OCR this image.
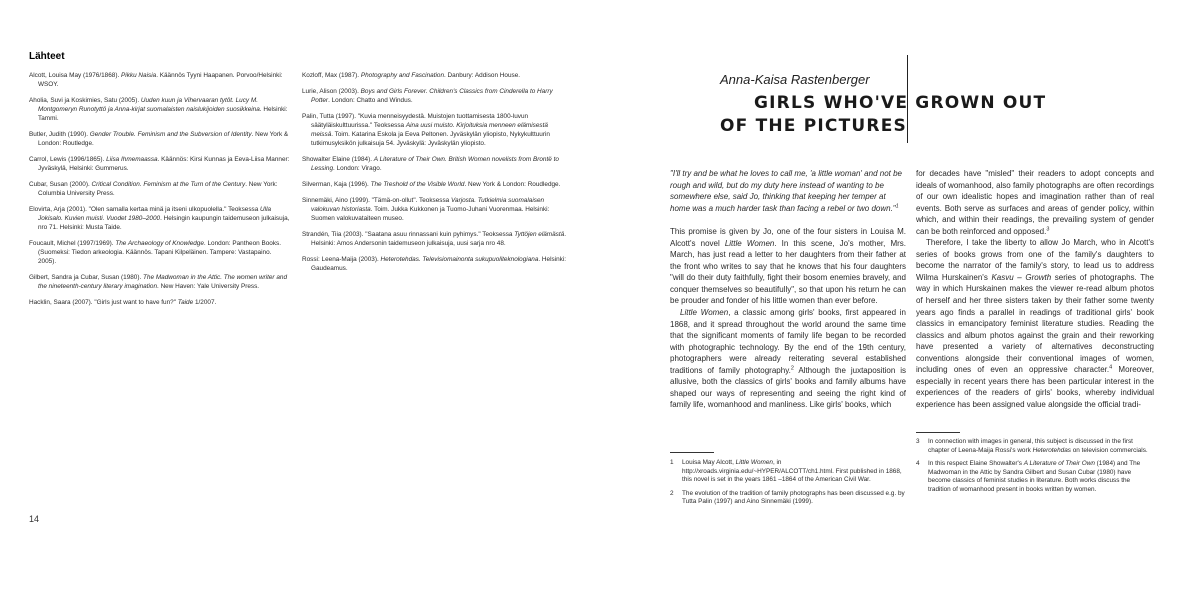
Lähteet

Alcott, Louisa May (1976/1868). Pikku Naisia. Käännös Tyyni Haapanen. Porvoo/Helsinki: WSOY.

Aholia, Suvi ja Koskimies, Satu (2005). Uuden kuun ja Vihervaaran tytöt. Lucy M. Montgomeryn Runotyttö ja Anna-kirjat suomalaisten naislukijoiden suosikkeina. Helsinki: Tammi.

Butler, Judith (1990). Gender Trouble. Feminism and the Subversion of Identity. New York & London: Routledge.

Carrol, Lewis (1996/1865). Liisa Ihmemaassa. Käännös: Kirsi Kunnas ja Eeva-Liisa Manner: Jyväskylä, Helsinki: Gummerus.

Cubar, Susan (2000). Critical Condition. Feminism at the Turn of the Century. New York: Columbia University Press.

Elovirta, Arja (2001). "Olen samalla kertaa minä ja itseni ulkopuolella." Teoksessa Ulla Jokisalo. Kuvien muisti. Vuodet 1980–2000. Helsingin kaupungin taidemuseon julkaisuja, nro 71. Helsinki: Musta Taide.

Foucault, Michel (1997/1969). The Archaeology of Knowledge. London: Pantheon Books. (Suomeksi: Tiedon arkeologia. Käännös. Tapani Kilpeläinen. Tampere: Vastapaino. 2005).

Gilbert, Sandra ja Cubar, Susan (1980). The Madwoman in the Attic. The women writer and the nineteenth-century literary imagination. New Haven: Yale University Press.

Hacklin, Saara (2007). "Girls just want to have fun?" Taide 1/2007.

Kozloff, Max (1987). Photography and Fascination. Danbury: Addison House.

Lurie, Alison (2003). Boys and Girls Forever. Children's Classics from Cinderella to Harry Potter. London: Chatto and Windus.

Palin, Tutta (1997). "Kuvia menneisyydestä. Muistojen tuottamisesta 1800-luvun säätyläiskulttuurissa." Teoksessa Aina uusi muisto. Kirjoituksia menneen elämisestä meissä. Toim. Katarina Eskola ja Eeva Peltonen. Jyväskylän yliopisto, Nykykulttuurin tutkimusyksikön julkaisuja 54. Jyväskylä: Jyväskylän yliopisto.

Showalter Elaine (1984). A Literature of Their Own. British Women novelists from Brontë to Lessing. London: Virago.

Silverman, Kaja (1996). The Treshold of the Visible World. New York & London: Roudledge.

Sinnemäki, Aino (1999). "Tämä-on-ollut". Teoksessa Varjosta. Tutkielmia suomalaisen valokuvan historiasta. Toim. Jukka Kukkonen ja Tuomo-Juhani Vuorenmaa. Helsinki: Suomen valokuvataiteen museo.

Strandén, Tiia (2003). "Saatana asuu rinnassani kuin pyhimys." Teoksessa Tyttöjen elämästä. Helsinki: Amos Andersonin taidemuseon julkaisuja, uusi sarja nro 48.

Rossi: Leena-Maija (2003). Heterotehdas. Televisiomainonta sukupuoliteknologiana. Helsinki: Gaudeamus.

14

Anna-Kaisa Rastenberger

GIRLS WHO'VE GROWN OUT
OF THE PICTURES

"I'll try and be what he loves to call me, 'a little woman' and not be rough and wild, but do my duty here instead of wanting to be somewhere else, said Jo, thinking that keeping her temper at home was a much harder task than facing a rebel or two down."$^1$

This promise is given by Jo, one of the four sisters in Louisa M. Alcott's novel Little Women. In this scene, Jo's mother, Mrs. March, has just read a letter to her daughters from their father at the front who writes to say that he knows that his four daughters "will do their duty faithfully, fight their bosom enemies bravely, and conquer themselves so beautifully", so that upon his return he can be prouder and fonder of his little women than ever before.

Little Women, a classic among girls' books, first appeared in 1868, and it spread throughout the world around the same time that the significant moments of family life began to be recorded with photographic technology. By the end of the 19th century, photographers were already reiterating several established traditions of family photography.$^2$ Although the juxtaposition is allusive, both the classics of girls' books and family albums have shaped our ways of representing and seeing the right kind of family life, womanhood and manliness. Like girls' books, which

for decades have "misled" their readers to adopt concepts and ideals of womanhood, also family photographs are often recordings of our own idealistic hopes and imagination rather than of real events. Both serve as surfaces and areas of gender policy, within which, and within their readings, the prevailing system of gender can be both reinforced and opposed.$^3$

Therefore, I take the liberty to allow Jo March, who in Alcott's series of books grows from one of the family's daughters to become the narrator of the family's story, to lead us to address Wilma Hurskainen's Kasvu – Growth series of photographs. The way in which Hurskainen makes the viewer re-read album photos of herself and her three sisters taken by their father some twenty years ago finds a parallel in readings of traditional girls' book classics in emancipatory feminist literature studies. Reading the classics and album photos against the grain and their reworking have presented a variety of alternatives deconstructing conventions alongside their conventional images of women, including ones of even an oppressive character.$^4$ Moreover, especially in recent years there has been particular interest in the experiences of the readers of girls' books, whereby individual experience has been assigned value alongside the official tradi-

1 Louisa May Alcott, Little Women, in http://xroads.virginia.edu/~HYPER/ALCOTT/ch1.html. First published in 1868, this novel is set in the years 1861 –1864 of the American Civil War.

2 The evolution of the tradition of family photographs has been discussed e.g. by Tutta Palin (1997) and Aino Sinnemäki (1999).

3 In connection with images in general, this subject is discussed in the first chapter of Leena-Maija Rossi's work Heterotehdas on television commercials.

4 In this respect Elaine Showalter's A Literature of Their Own (1984) and The Madwoman in the Attic by Sandra Gilbert and Susan Cubar (1980) have become classics of feminist studies in literature. Both works discuss the tradition of womanhood present in books written by women.
